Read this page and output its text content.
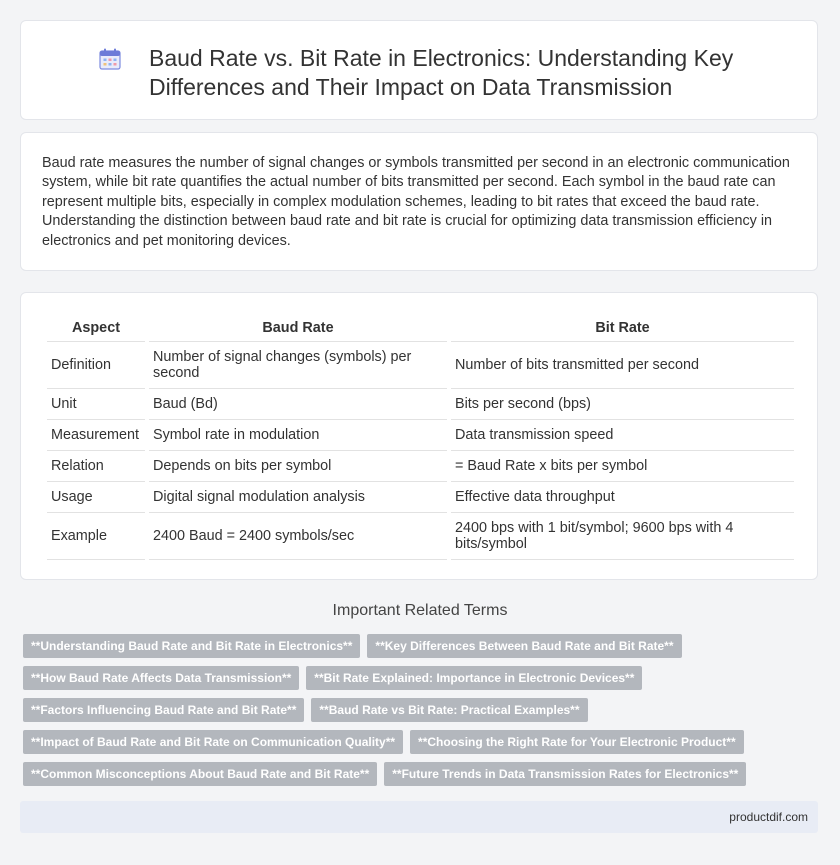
Baud Rate vs. Bit Rate in Electronics: Understanding Key Differences and Their Impact on Data Transmission

Baud rate measures the number of signal changes or symbols transmitted per second in an electronic communication system, while bit rate quantifies the actual number of bits transmitted per second. Each symbol in the baud rate can represent multiple bits, especially in complex modulation schemes, leading to bit rates that exceed the baud rate. Understanding the distinction between baud rate and bit rate is crucial for optimizing data transmission efficiency in electronics and pet monitoring devices.

Aspect	Baud Rate	Bit Rate
Definition	Number of signal changes (symbols) per second	Number of bits transmitted per second
Unit	Baud (Bd)	Bits per second (bps)
Measurement	Symbol rate in modulation	Data transmission speed
Relation	Depends on bits per symbol	= Baud Rate x bits per symbol
Usage	Digital signal modulation analysis	Effective data throughput
Example	2400 Baud = 2400 symbols/sec	2400 bps with 1 bit/symbol; 9600 bps with 4 bits/symbol
Important Related Terms
**Understanding Baud Rate and Bit Rate in Electronics**	**Key Differences Between Baud Rate and Bit Rate**
**How Baud Rate Affects Data Transmission**	**Bit Rate Explained: Importance in Electronic Devices**
**Factors Influencing Baud Rate and Bit Rate**	**Baud Rate vs Bit Rate: Practical Examples**
**Impact of Baud Rate and Bit Rate on Communication Quality**	**Choosing the Right Rate for Your Electronic Product**
**Common Misconceptions About Baud Rate and Bit Rate**	**Future Trends in Data Transmission Rates for Electronics**
productdif.com
